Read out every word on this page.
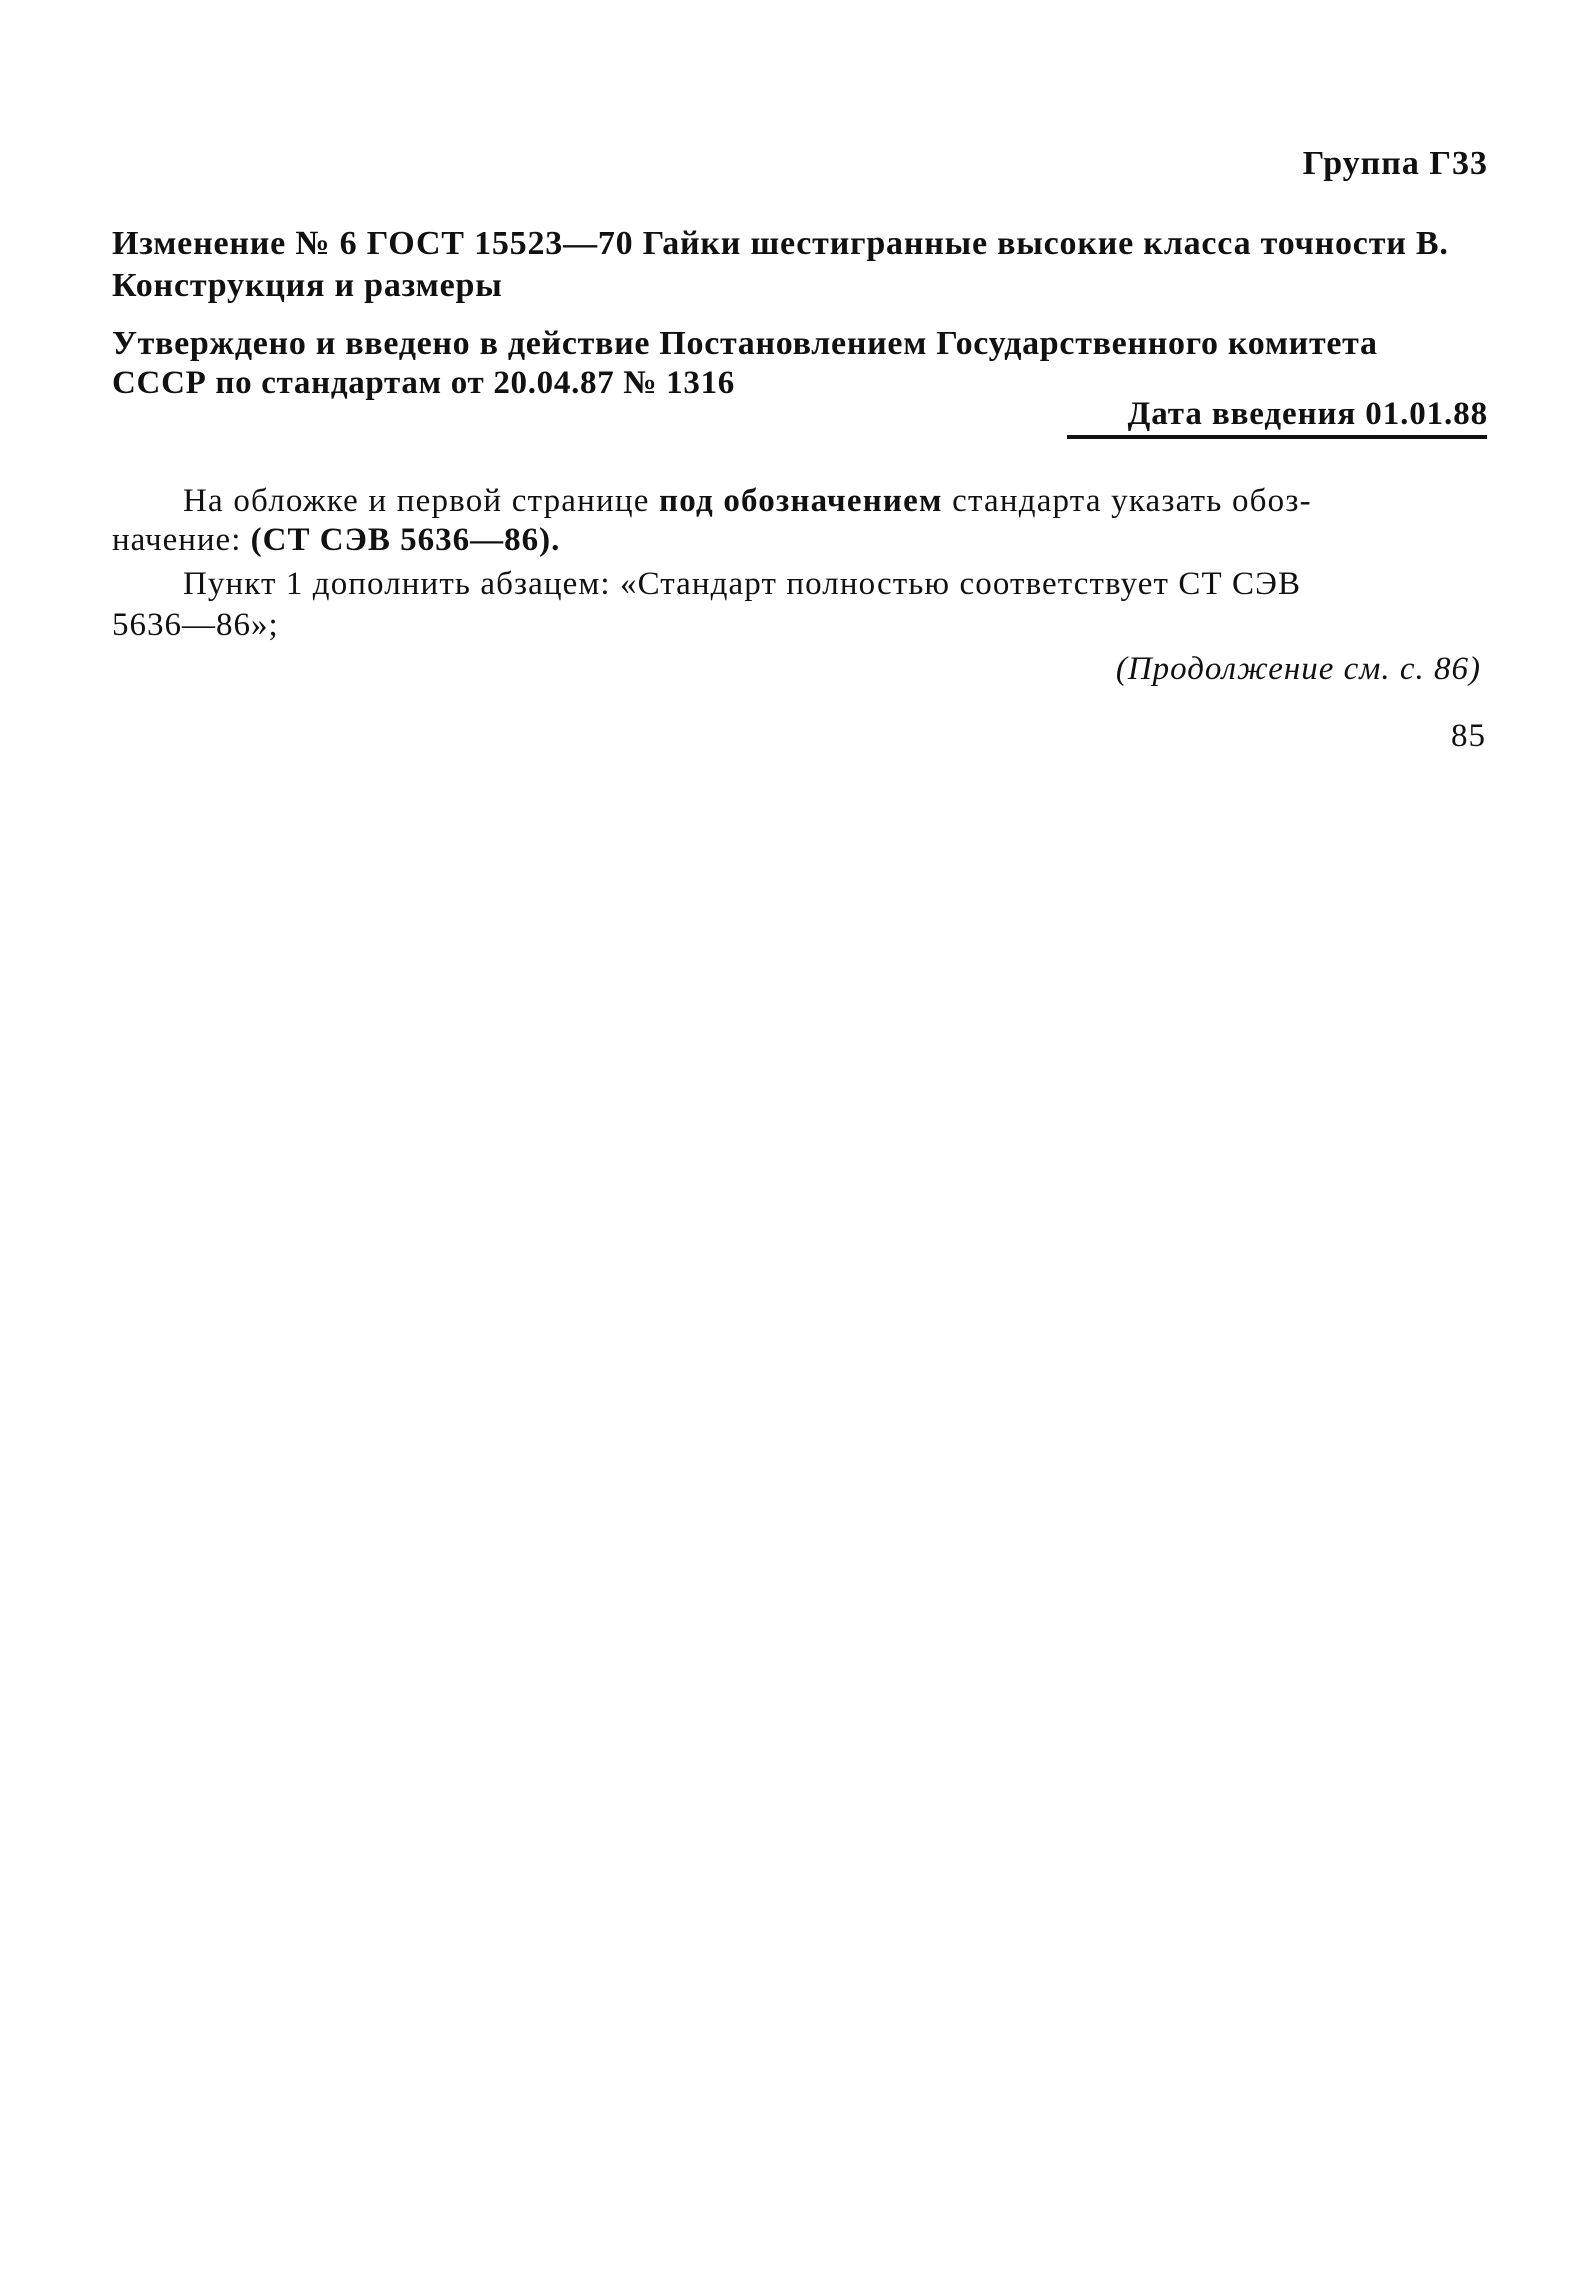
Группа Г33
Изменение № 6 ГОСТ 15523—70 Гайки шестигранные высокие класса точности В.
Конструкция и размеры
Утверждено и введено в действие Постановлением Государственного комитета
СССР по стандартам от 20.04.87 № 1316
Дата введения 01.01.88
На обложке и первой странице под обозначением стандарта указать обоз-
начение: (СТ СЭВ 5636—86).
Пункт 1 дополнить абзацем: «Стандарт полностью соответствует СТ СЭВ
5636—86»;
(Продолжение см. с. 86)
85
